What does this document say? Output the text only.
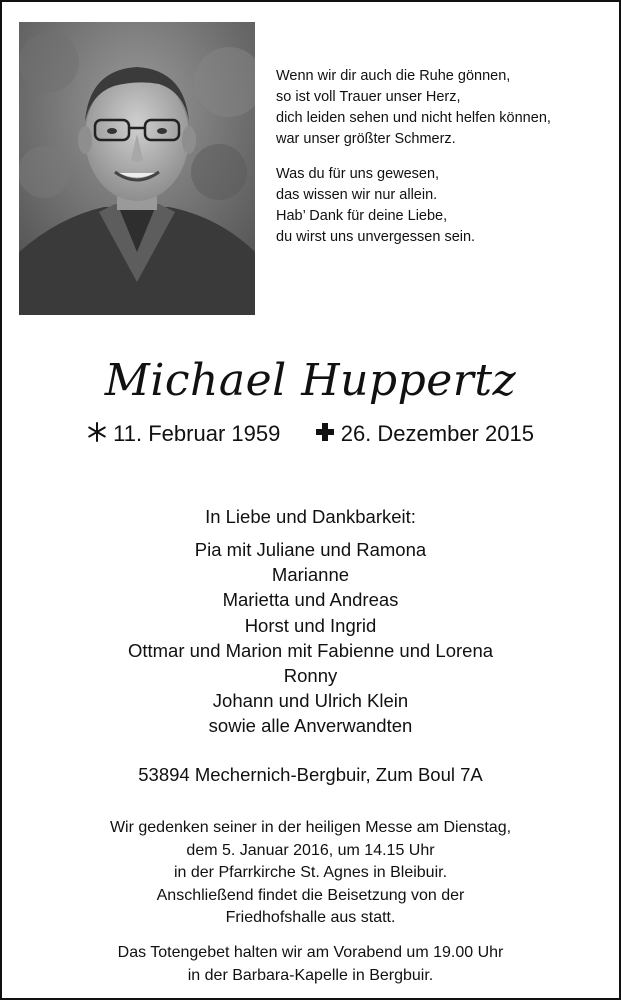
Wenn wir dir auch die Ruhe gönnen,
so ist voll Trauer unser Herz,
dich leiden sehen und nicht helfen können,
war unser größter Schmerz.
Was du für uns gewesen,
das wissen wir nur allein.
Hab’ Dank für deine Liebe,
du wirst uns unvergessen sein.
Michael Huppertz
11. Februar 1959	26. Dezember 2015
In Liebe und Dankbarkeit:
Pia mit Juliane und Ramona
Marianne
Marietta und Andreas
Horst und Ingrid
Ottmar und Marion mit Fabienne und Lorena
Ronny
Johann und Ulrich Klein
sowie alle Anverwandten
53894 Mechernich-Bergbuir, Zum Boul 7A
Wir gedenken seiner in der heiligen Messe am Dienstag,
dem 5. Januar 2016, um 14.15 Uhr
in der Pfarrkirche St. Agnes in Bleibuir.
Anschließend findet die Beisetzung von der
Friedhofshalle aus statt.
Das Totengebet halten wir am Vorabend um 19.00 Uhr
in der Barbara-Kapelle in Bergbuir.
